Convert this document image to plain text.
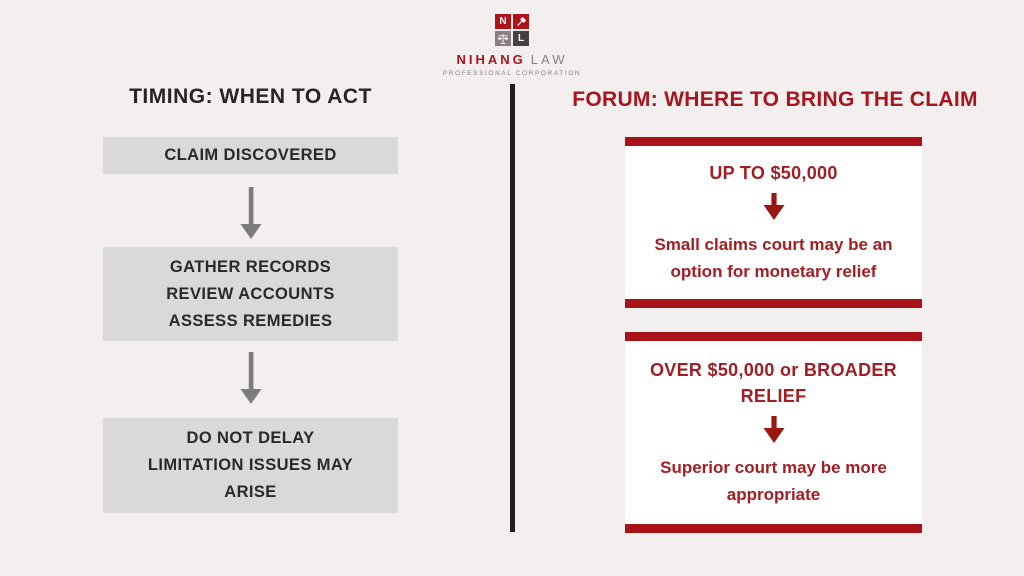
N
L
NIHANG LAW
PROFESSIONAL CORPORATION
TIMING: WHEN TO ACT
CLAIM DISCOVERED
GATHER RECORDS
REVIEW ACCOUNTS
ASSESS REMEDIES
DO NOT DELAY
LIMITATION ISSUES MAY
ARISE
FORUM: WHERE TO BRING THE CLAIM
UP TO $50,000
Small claims court may be an option for monetary relief
OVER $50,000 or BROADER RELIEF
Superior court may be more appropriate
